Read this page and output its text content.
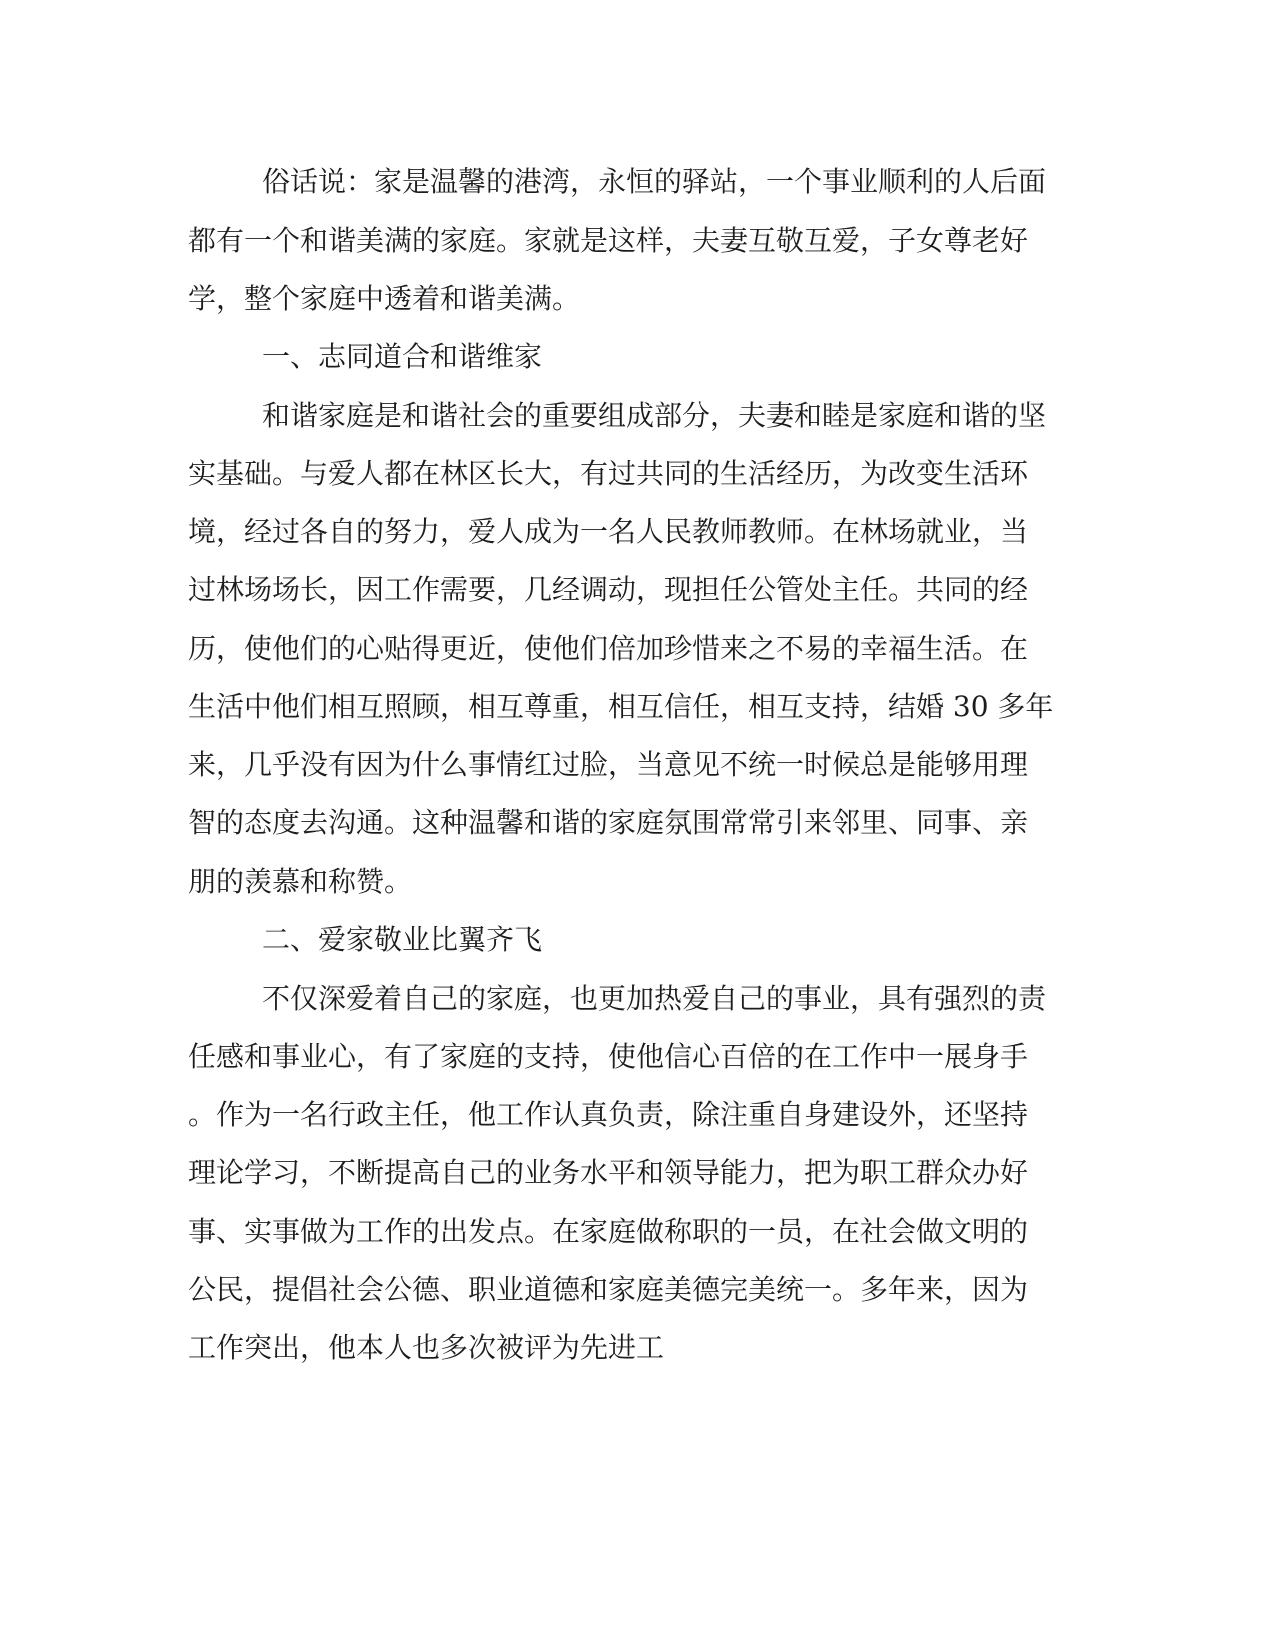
俗话说：家是温馨的港湾，永恒的驿站，一个事业顺利的人后面
都有一个和谐美满的家庭。家就是这样，夫妻互敬互爱，子女尊老好
学，整个家庭中透着和谐美满。
一、志同道合和谐维家
和谐家庭是和谐社会的重要组成部分，夫妻和睦是家庭和谐的坚
实基础。与爱人都在林区长大，有过共同的生活经历，为改变生活环
境，经过各自的努力，爱人成为一名人民教师教师。在林场就业，当
过林场场长，因工作需要，几经调动，现担任公管处主任。共同的经
历，使他们的心贴得更近，使他们倍加珍惜来之不易的幸福生活。在
生活中他们相互照顾，相互尊重，相互信任，相互支持，结婚 30 多年
来，几乎没有因为什么事情红过脸，当意见不统一时候总是能够用理
智的态度去沟通。这种温馨和谐的家庭氛围常常引来邻里、同事、亲
朋的羡慕和称赞。
二、爱家敬业比翼齐飞
不仅深爱着自己的家庭，也更加热爱自己的事业，具有强烈的责
任感和事业心，有了家庭的支持，使他信心百倍的在工作中一展身手
。作为一名行政主任，他工作认真负责，除注重自身建设外，还坚持
理论学习，不断提高自己的业务水平和领导能力，把为职工群众办好
事、实事做为工作的出发点。在家庭做称职的一员，在社会做文明的
公民，提倡社会公德、职业道德和家庭美德完美统一。多年来，因为
工作突出，他本人也多次被评为先进工
